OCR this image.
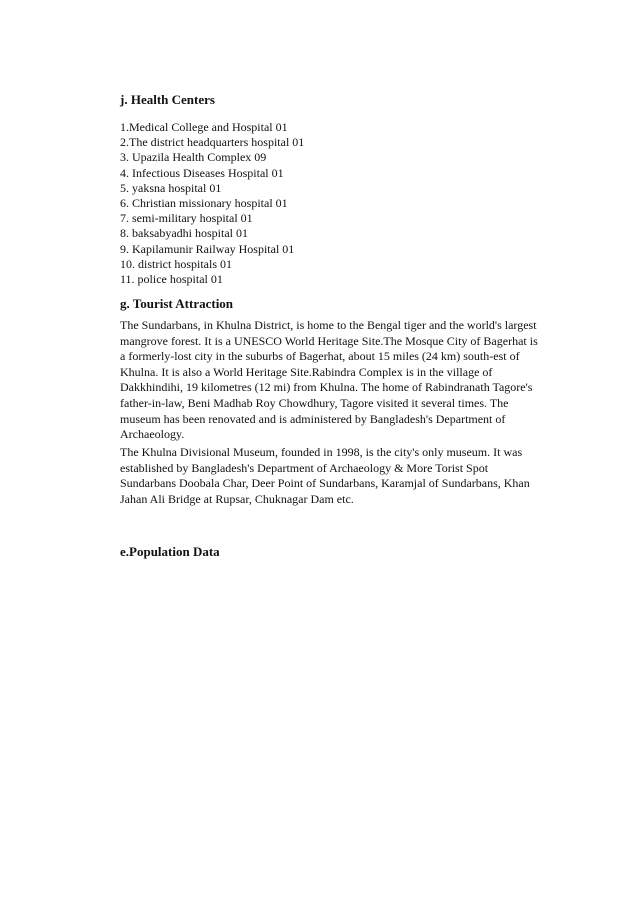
j. Health Centers
1.Medical College and Hospital 01
2.The district headquarters hospital 01
3. Upazila Health Complex 09
4. Infectious Diseases Hospital 01
5. yaksna hospital 01
6. Christian missionary hospital 01
7. semi-military hospital 01
8. baksabyadhi hospital 01
9. Kapilamunir Railway Hospital 01
10. district hospitals 01
11. police hospital 01
g. Tourist Attraction

The Sundarbans, in Khulna District, is home to the Bengal tiger and the world's largest mangrove forest. It is a UNESCO World Heritage Site.The Mosque City of Bagerhat is a formerly-lost city in the suburbs of Bagerhat, about 15 miles (24 km) south-est of Khulna. It is also a World Heritage Site.Rabindra Complex is in the village of Dakkhindihi, 19 kilometres (12 mi) from Khulna. The home of Rabindranath Tagore's father-in-law, Beni Madhab Roy Chowdhury, Tagore visited it several times. The museum has been renovated and is administered by Bangladesh's Department of Archaeology.

The Khulna Divisional Museum, founded in 1998, is the city's only museum. It was established by Bangladesh's Department of Archaeology & More Torist Spot Sundarbans Doobala Char, Deer Point of Sundarbans, Karamjal of Sundarbans, Khan Jahan Ali Bridge at Rupsar, Chuknagar Dam etc.

e.Population Data
